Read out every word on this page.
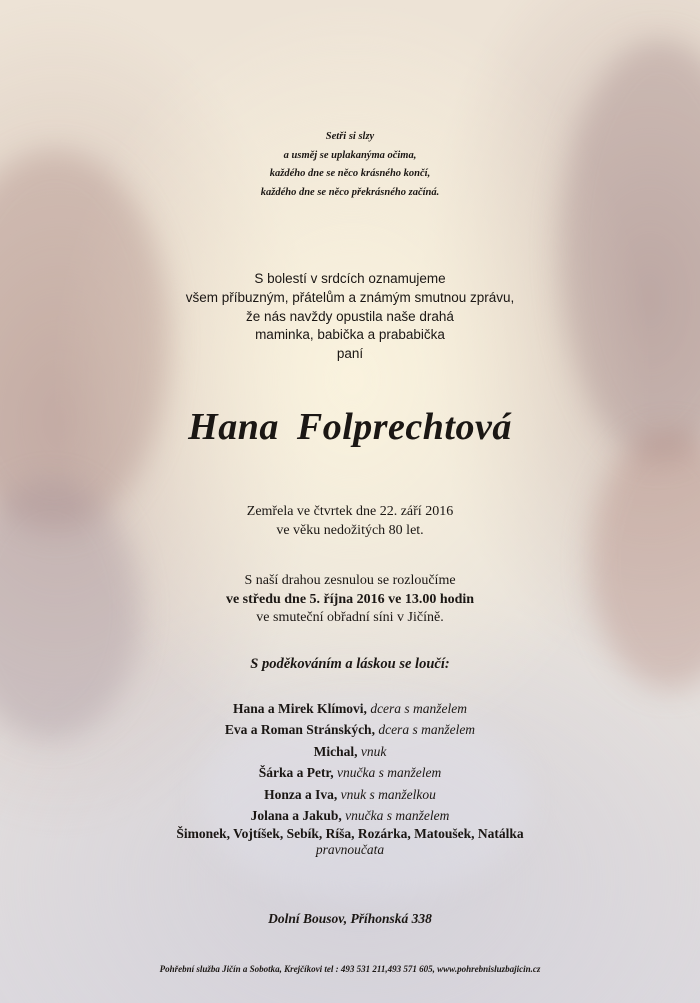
Setři si slzy
a usměj se uplakanýma očima,
každého dne se něco krásného končí,
každého dne se něco překrásného začíná.
S bolestí v srdcích oznamujeme
všem příbuzným, přátelům a známým smutnou zprávu,
že nás navždy opustila naše drahá
maminka, babička a prababička
paní
Hana Folprechtová
Zemřela ve čtvrtek dne 22. září 2016
ve věku nedožitých 80 let.
S naší drahou zesnulou se rozloučíme
ve středu dne 5. října 2016 ve 13.00 hodin
ve smuteční obřadní síni v Jičíně.
S poděkováním a láskou se loučí:
Hana a Mirek Klímovi, dcera s manželem
Eva a Roman Stránských, dcera s manželem
Michal, vnuk
Šárka a Petr, vnučka s manželem
Honza a Iva, vnuk s manželkou
Jolana a Jakub, vnučka s manželem
Šimonek, Vojtíšek, Sebík, Ríša, Rozárka, Matoušek, Natálka
pravnoučata
Dolní Bousov, Příhonská 338
Pohřební služba Jičín a Sobotka, Krejčíkovi tel : 493 531 211,493 571 605, www.pohrebnisluzbajicin.cz
